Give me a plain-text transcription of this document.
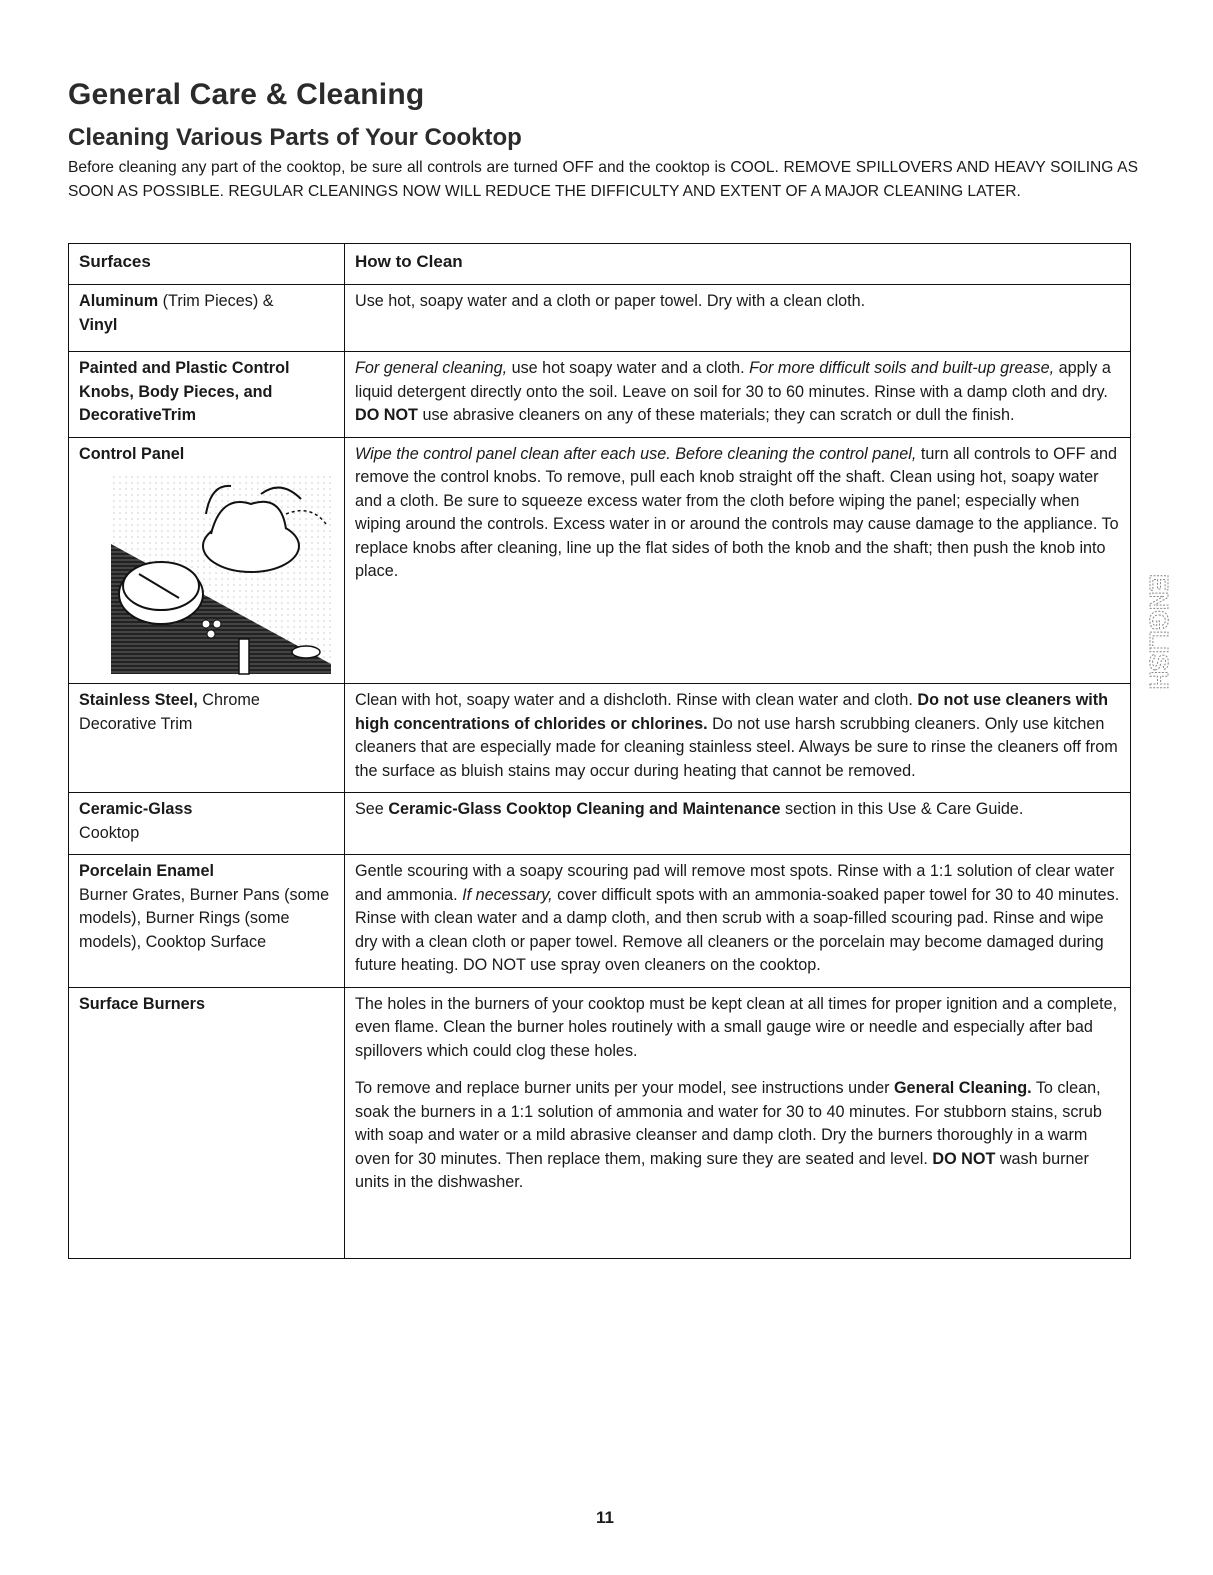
General Care & Cleaning
Cleaning Various Parts of Your Cooktop

Before cleaning any part of the cooktop, be sure all controls are turned OFF and the cooktop is COOL. REMOVE SPILLOVERS AND HEAVY SOILING AS SOON AS POSSIBLE. REGULAR CLEANINGS NOW WILL REDUCE THE DIFFICULTY AND EXTENT OF A MAJOR CLEANING LATER.

Surfaces	How to Clean
Aluminum (Trim Pieces) &
Vinyl	Use hot, soapy water and a cloth or paper towel. Dry with a clean cloth.
Painted and Plastic Control Knobs, Body Pieces, and DecorativeTrim	For general cleaning, use hot soapy water and a cloth. For more difficult soils and built-up grease, apply a liquid detergent directly onto the soil. Leave on soil for 30 to 60 minutes. Rinse with a damp cloth and dry. DO NOT use abrasive cleaners on any of these materials; they can scratch or dull the finish.
Control Panel	Wipe the control panel clean after each use. Before cleaning the control panel, turn all controls to OFF and remove the control knobs. To remove, pull each knob straight off the shaft. Clean using hot, soapy water and a cloth. Be sure to squeeze excess water from the cloth before wiping the panel; especially when wiping around the controls. Excess water in or around the controls may cause damage to the appliance. To replace knobs after cleaning, line up the flat sides of both the knob and the shaft; then push the knob into place.
Stainless Steel, Chrome Decorative Trim	Clean with hot, soapy water and a dishcloth. Rinse with clean water and cloth. Do not use cleaners with high concentrations of chlorides or chlorines. Do not use harsh scrubbing cleaners. Only use kitchen cleaners that are especially made for cleaning stainless steel. Always be sure to rinse the cleaners off from the surface as bluish stains may occur during heating that cannot be removed.
Ceramic-Glass
Cooktop	See Ceramic-Glass Cooktop Cleaning and Maintenance section in this Use & Care Guide.
Porcelain Enamel
Burner Grates, Burner Pans (some models), Burner Rings (some models), Cooktop Surface	Gentle scouring with a soapy scouring pad will remove most spots. Rinse with a 1:1 solution of clear water and ammonia. If necessary, cover difficult spots with an ammonia-soaked paper towel for 30 to 40 minutes. Rinse with clean water and a damp cloth, and then scrub with a soap-filled scouring pad. Rinse and wipe dry with a clean cloth or paper towel. Remove all cleaners or the porcelain may become damaged during future heating. DO NOT use spray oven cleaners on the cooktop.
Surface Burners	The holes in the burners of your cooktop must be kept clean at all times for proper ignition and a complete, even flame. Clean the burner holes routinely with a small gauge wire or needle and especially after bad spillovers which could clog these holes.
To remove and replace burner units per your model, see instructions under General Cleaning. To clean, soak the burners in a 1:1 solution of ammonia and water for 30 to 40 minutes. For stubborn stains, scrub with soap and water or a mild abrasive cleanser and damp cloth. Dry the burners thoroughly in a warm oven for 30 minutes. Then replace them, making sure they are seated and level. DO NOT wash burner units in the dishwasher.
ENGLISH
11
